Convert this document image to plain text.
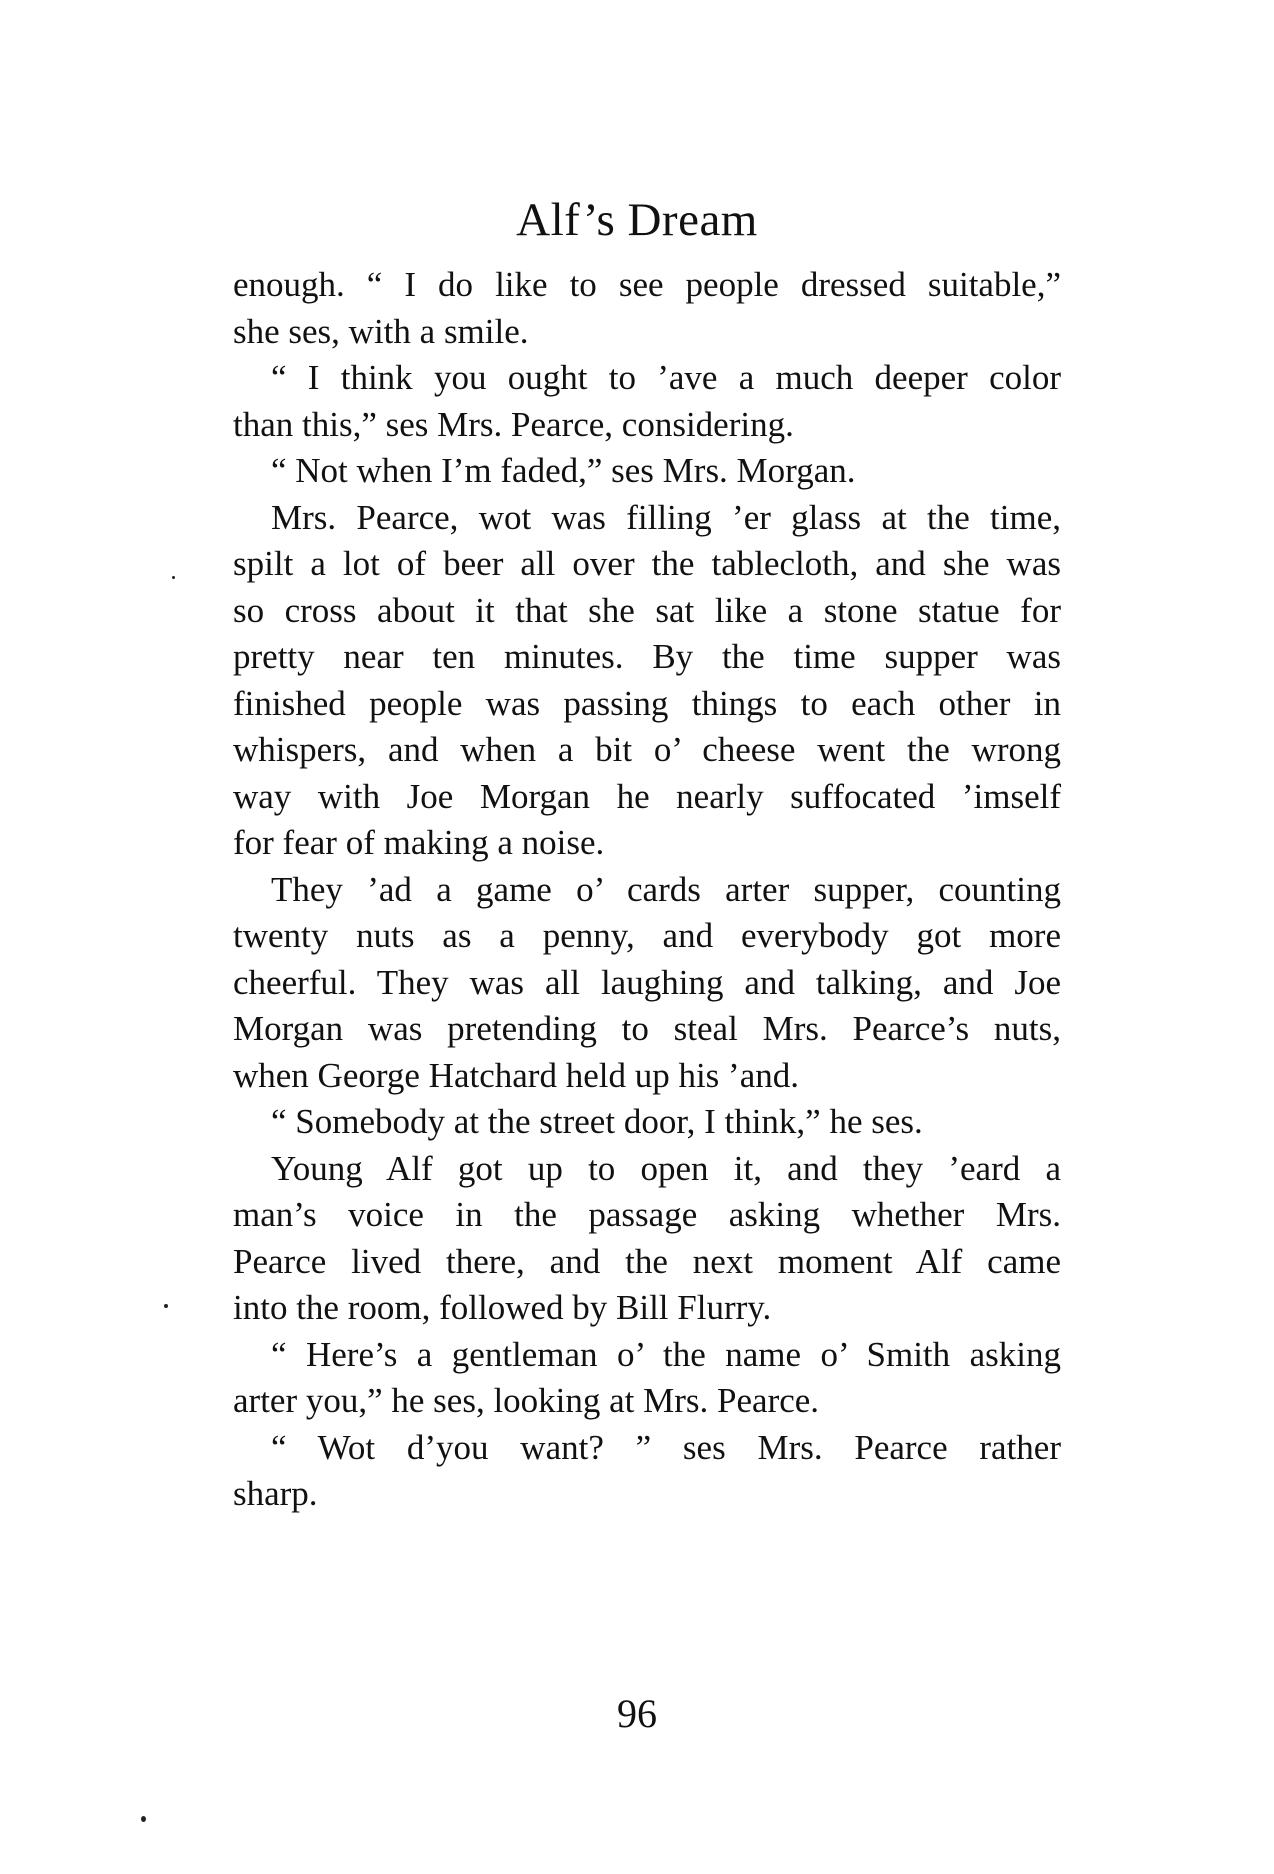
Alf’s Dream

enough. “ I do like to see people dressed suitable,”
she ses, with a smile.

“ I think you ought to ’ave a much deeper color
than this,” ses Mrs. Pearce, considering.

“ Not when I’m faded,” ses Mrs. Morgan.

Mrs. Pearce, wot was filling ’er glass at the time,
spilt a lot of beer all over the tablecloth, and she was
so cross about it that she sat like a stone statue for
pretty near ten minutes. By the time supper was
finished people was passing things to each other in
whispers, and when a bit o’ cheese went the wrong
way with Joe Morgan he nearly suffocated ’imself
for fear of making a noise.

They ’ad a game o’ cards arter supper, counting
twenty nuts as a penny, and everybody got more
cheerful. They was all laughing and talking, and Joe
Morgan was pretending to steal Mrs. Pearce’s nuts,
when George Hatchard held up his ’and.

“ Somebody at the street door, I think,” he ses.

Young Alf got up to open it, and they ’eard a
man’s voice in the passage asking whether Mrs.
Pearce lived there, and the next moment Alf came
into the room, followed by Bill Flurry.

“ Here’s a gentleman o’ the name o’ Smith asking
arter you,” he ses, looking at Mrs. Pearce.

“ Wot d’you want? ” ses Mrs. Pearce rather
sharp.

96
